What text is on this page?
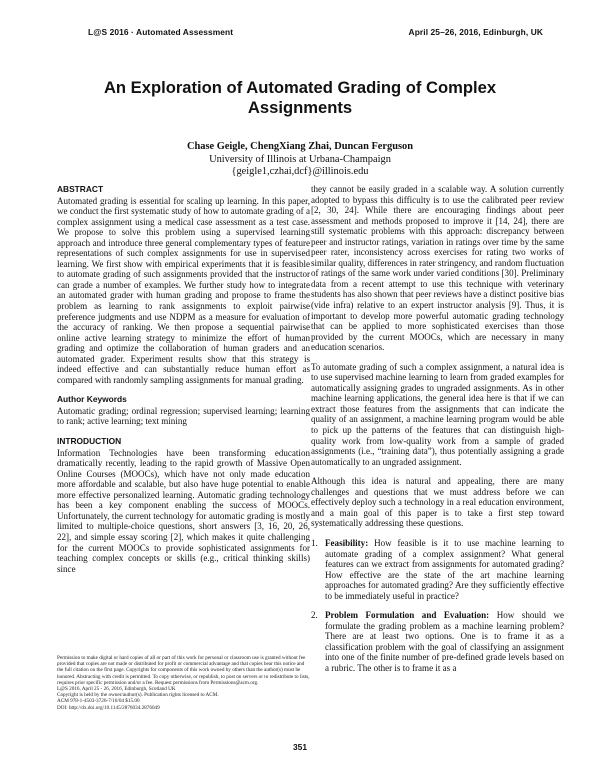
L@S 2016 · Automated Assessment	April 25–26, 2016, Edinburgh, UK
An Exploration of Automated Grading of Complex Assignments
Chase Geigle, ChengXiang Zhai, Duncan Ferguson
University of Illinois at Urbana-Champaign
{geigle1,czhai,dcf}@illinois.edu
ABSTRACT

Automated grading is essential for scaling up learning. In this paper, we conduct the first systematic study of how to automate grading of a complex assignment using a medical case assessment as a test case. We propose to solve this problem using a supervised learning approach and introduce three general complementary types of feature representations of such complex assignments for use in supervised learning. We first show with empirical experiments that it is feasible to automate grading of such assignments provided that the instructor can grade a number of examples. We further study how to integrate an automated grader with human grading and propose to frame the problem as learning to rank assignments to exploit pairwise preference judgments and use NDPM as a measure for evaluation of the accuracy of ranking. We then propose a sequential pairwise online active learning strategy to minimize the effort of human grading and optimize the collaboration of human graders and an automated grader. Experiment results show that this strategy is indeed effective and can substantially reduce human effort as compared with randomly sampling assignments for manual grading.

Author Keywords

Automatic grading; ordinal regression; supervised learning; learning to rank; active learning; text mining

INTRODUCTION

Information Technologies have been transforming education dramatically recently, leading to the rapid growth of Massive Open Online Courses (MOOCs), which have not only made education more affordable and scalable, but also have huge potential to enable more effective personalized learning. Automatic grading technology has been a key component enabling the success of MOOCs. Unfortunately, the current technology for automatic grading is mostly limited to multiple-choice questions, short answers [3, 16, 20, 26, 22], and simple essay scoring [2], which makes it quite challenging for the current MOOCs to provide sophisticated assignments for teaching complex concepts or skills (e.g., critical thinking skills) since

Permission to make digital or hard copies of all or part of this work for personal or classroom use is granted without fee provided that copies are not made or distributed for profit or commercial advantage and that copies bear this notice and the full citation on the first page. Copyrights for components of this work owned by others than the author(s) must be honored. Abstracting with credit is permitted. To copy otherwise, or republish, to post on servers or to redistribute to lists, requires prior specific permission and/or a fee. Request permissions from Permissions@acm.org.
L@S 2016, April 25 - 26, 2016, Edinburgh, Scotland UK
Copyright is held by the owner/author(s). Publication rights licensed to ACM.
ACM 978-1-4503-3726-7/16/04 $15.00
DOI: http://dx.doi.org/10.1145/2876034.2876049

they cannot be easily graded in a scalable way. A solution currently adopted to bypass this difficulty is to use the calibrated peer review [2, 30, 24]. While there are encouraging findings about peer assessment and methods proposed to improve it [14, 24], there are still systematic problems with this approach: discrepancy between peer and instructor ratings, variation in ratings over time by the same peer rater, inconsistency across exercises for rating two works of similar quality, differences in rater stringency, and random fluctuation of ratings of the same work under varied conditions [30]. Preliminary data from a recent attempt to use this technique with veterinary students has also shown that peer reviews have a distinct positive bias (vide infra) relative to an expert instructor analysis [9]. Thus, it is important to develop more powerful automatic grading technology that can be applied to more sophisticated exercises than those provided by the current MOOCs, which are necessary in many education scenarios.

To automate grading of such a complex assignment, a natural idea is to use supervised machine learning to learn from graded examples for automatically assigning grades to ungraded assignments. As in other machine learning applications, the general idea here is that if we can extract those features from the assignments that can indicate the quality of an assignment, a machine learning program would be able to pick up the patterns of the features that can distinguish high-quality work from low-quality work from a sample of graded assignments (i.e., “training data”), thus potentially assigning a grade automatically to an ungraded assignment.

Although this idea is natural and appealing, there are many challenges and questions that we must address before we can effectively deploy such a technology in a real education environment, and a main goal of this paper is to take a first step toward systematically addressing these questions.

1. Feasibility: How feasible is it to use machine learning to automate grading of a complex assignment? What general features can we extract from assignments for automated grading? How effective are the state of the art machine learning approaches for automated grading? Are they sufficiently effective to be immediately useful in practice?
2. Problem Formulation and Evaluation: How should we formulate the grading problem as a machine learning problem? There are at least two options. One is to frame it as a classification problem with the goal of classifying an assignment into one of the finite number of pre-defined grade levels based on a rubric. The other is to frame it as a
351
